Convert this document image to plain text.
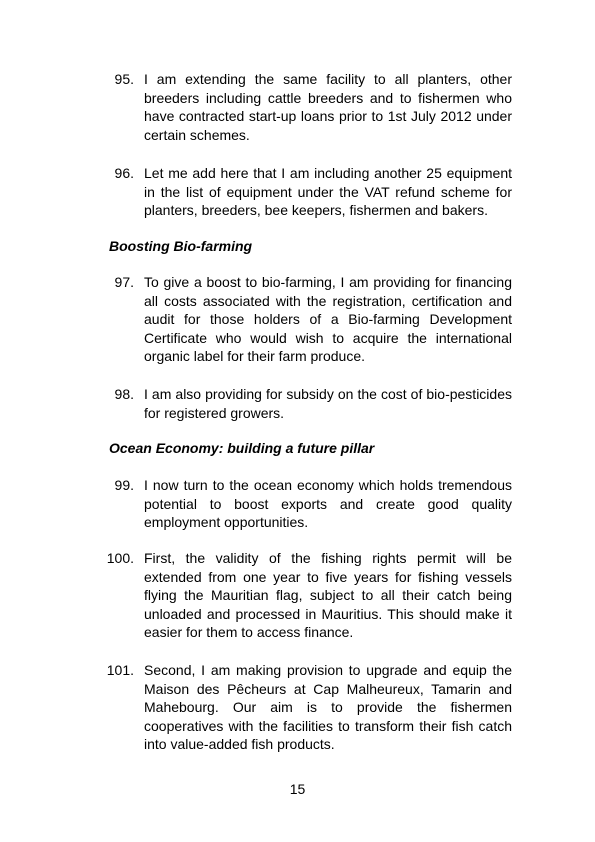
95. I am extending the same facility to all planters, other breeders including cattle breeders and to fishermen who have contracted start-up loans prior to 1st July 2012 under certain schemes.
96. Let me add here that I am including another 25 equipment in the list of equipment under the VAT refund scheme for planters, breeders, bee keepers, fishermen and bakers.
Boosting Bio-farming
97. To give a boost to bio-farming, I am providing for financing all costs associated with the registration, certification and audit for those holders of a Bio-farming Development Certificate who would wish to acquire the international organic label for their farm produce.
98. I am also providing for subsidy on the cost of bio-pesticides for registered growers.
Ocean Economy: building a future pillar
99. I now turn to the ocean economy which holds tremendous potential to boost exports and create good quality employment opportunities.
100. First, the validity of the fishing rights permit will be extended from one year to five years for fishing vessels flying the Mauritian flag, subject to all their catch being unloaded and processed in Mauritius. This should make it easier for them to access finance.
101. Second, I am making provision to upgrade and equip the Maison des Pêcheurs at Cap Malheureux, Tamarin and Mahebourg. Our aim is to provide the fishermen cooperatives with the facilities to transform their fish catch into value-added fish products.
15
